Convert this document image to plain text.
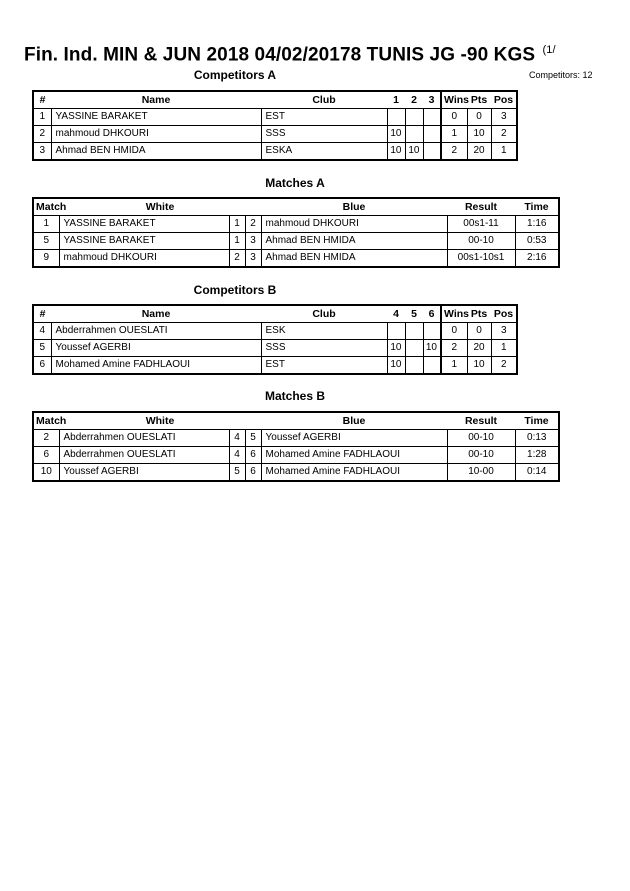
Fin. Ind. MIN & JUN 2018 04/02/20178 TUNIS JG -90 KGS $^{(1/}$
Competitors: 12
Competitors A
#	Name	Club	1	2	3	Wins	Pts	Pos
1	YASSINE BARAKET	EST				0	0	3
2	mahmoud DHKOURI	SSS	10			1	10	2
3	Ahmad BEN HMIDA	ESKA	10	10		2	20	1
Matches A
Match	White			Blue	Result	Time
1	YASSINE BARAKET	1	2	mahmoud DHKOURI	00s1-11	1:16
5	YASSINE BARAKET	1	3	Ahmad BEN HMIDA	00-10	0:53
9	mahmoud DHKOURI	2	3	Ahmad BEN HMIDA	00s1-10s1	2:16
Competitors B
#	Name	Club	4	5	6	Wins	Pts	Pos
4	Abderrahmen OUESLATI	ESK				0	0	3
5	Youssef AGERBI	SSS	10		10	2	20	1
6	Mohamed Amine FADHLAOUI	EST	10			1	10	2
Matches B
Match	White			Blue	Result	Time
2	Abderrahmen OUESLATI	4	5	Youssef AGERBI	00-10	0:13
6	Abderrahmen OUESLATI	4	6	Mohamed Amine FADHLAOUI	00-10	1:28
10	Youssef AGERBI	5	6	Mohamed Amine FADHLAOUI	10-00	0:14
